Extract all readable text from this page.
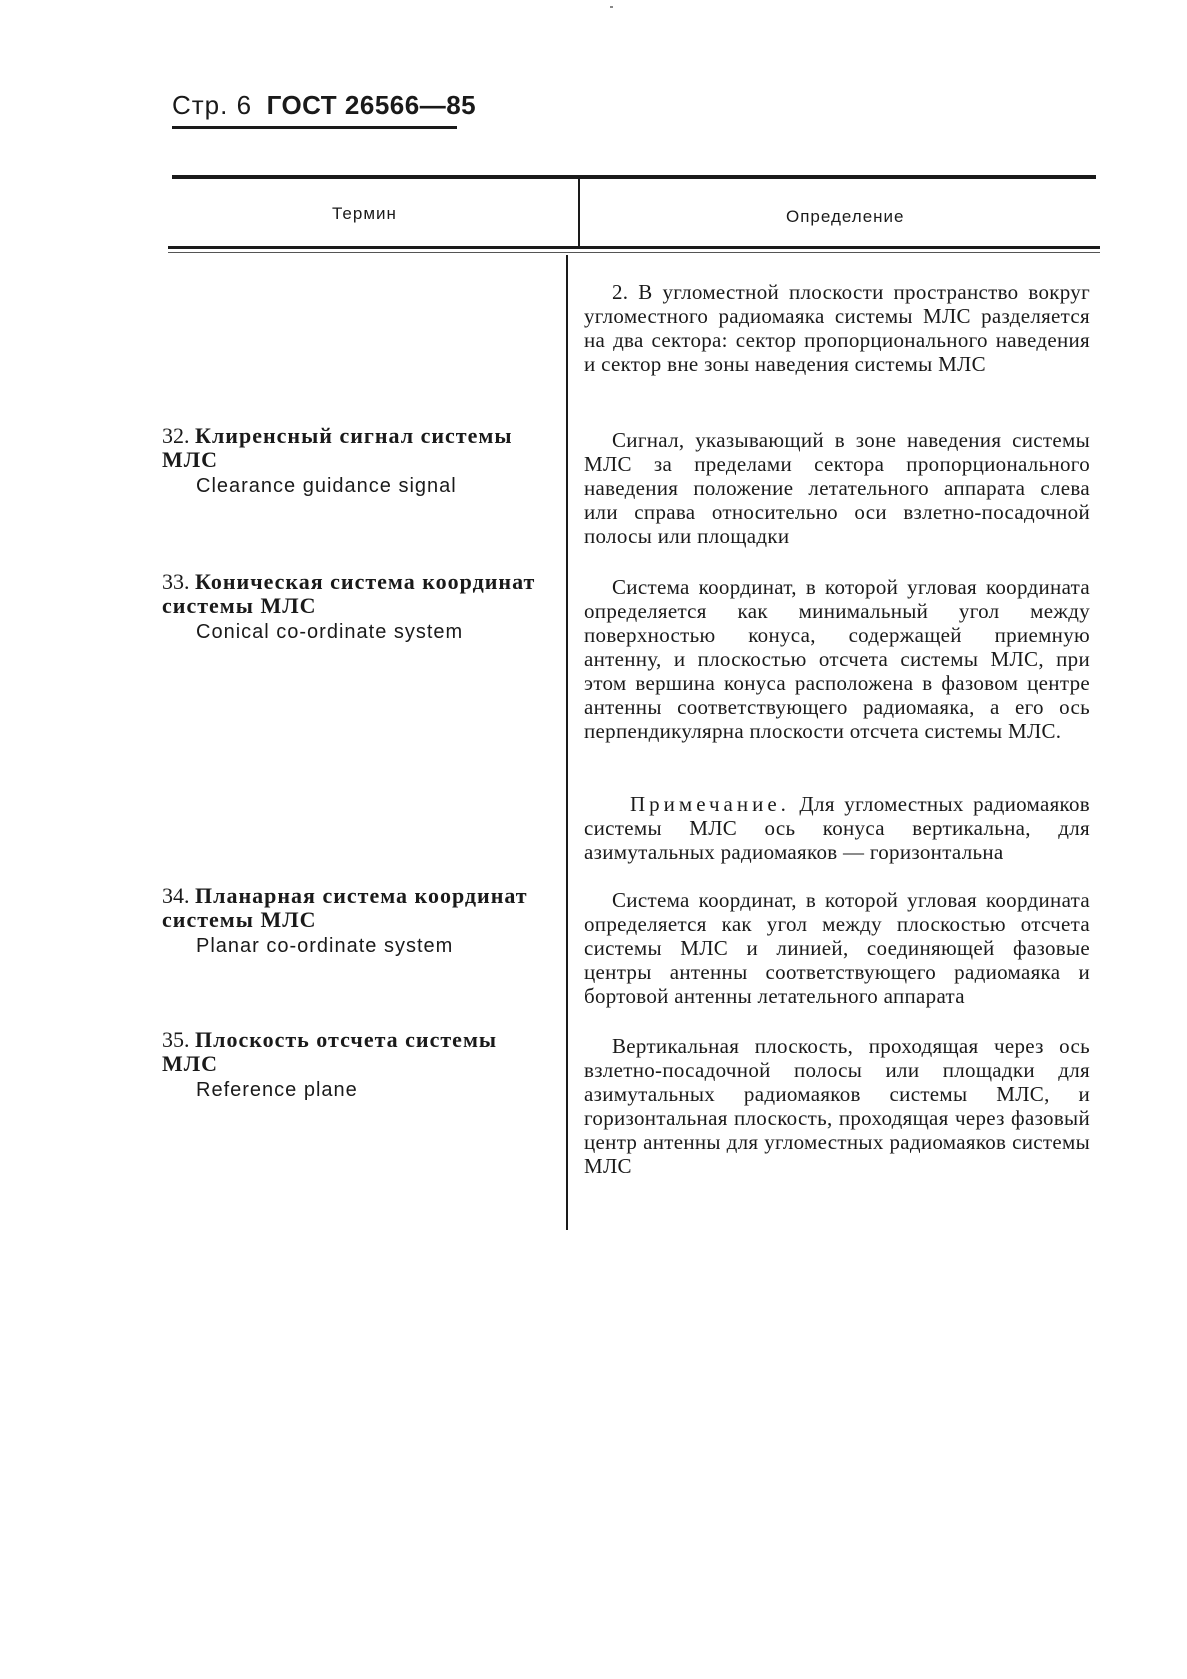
Стр. 6 ГОСТ 26566—85
Термин	Определение

2. В угломестной плоскости пространство вокруг угломестного радиомаяка системы МЛС разделяется на два сектора: сектор пропорционального наведения и сектор вне зоны наведения системы МЛС

32. Клиренсный сигнал системы МЛС
Clearance guidance signal

Сигнал, указывающий в зоне наведения системы МЛС за пределами сектора пропорционального наведения положение летательного аппарата слева или справа относительно оси взлетно-посадочной полосы или площадки

33. Коническая система координат системы МЛС
Conical co-ordinate system

Система координат, в которой угловая координата определяется как минимальный угол между поверхностью конуса, содержащей приемную антенну, и плоскостью отсчета системы МЛС, при этом вершина конуса расположена в фазовом центре антенны соответствующего радиомаяка, а его ось перпендикулярна плоскости отсчета системы МЛС.

Примечание. Для угломестных радиомаяков системы МЛС ось конуса вертикальна, для азимутальных радиомаяков — горизонтальна

34. Планарная система координат системы МЛС
Planar co-ordinate system

Система координат, в которой угловая координата определяется как угол между плоскостью отсчета системы МЛС и линией, соединяющей фазовые центры антенны соответствующего радиомаяка и бортовой антенны летательного аппарата

35. Плоскость отсчета системы МЛС
Reference plane

Вертикальная плоскость, проходящая через ось взлетно-посадочной полосы или площадки для азимутальных радиомаяков системы МЛС, и горизонтальная плоскость, проходящая через фазовый центр антенны для угломестных радиомаяков системы МЛС
